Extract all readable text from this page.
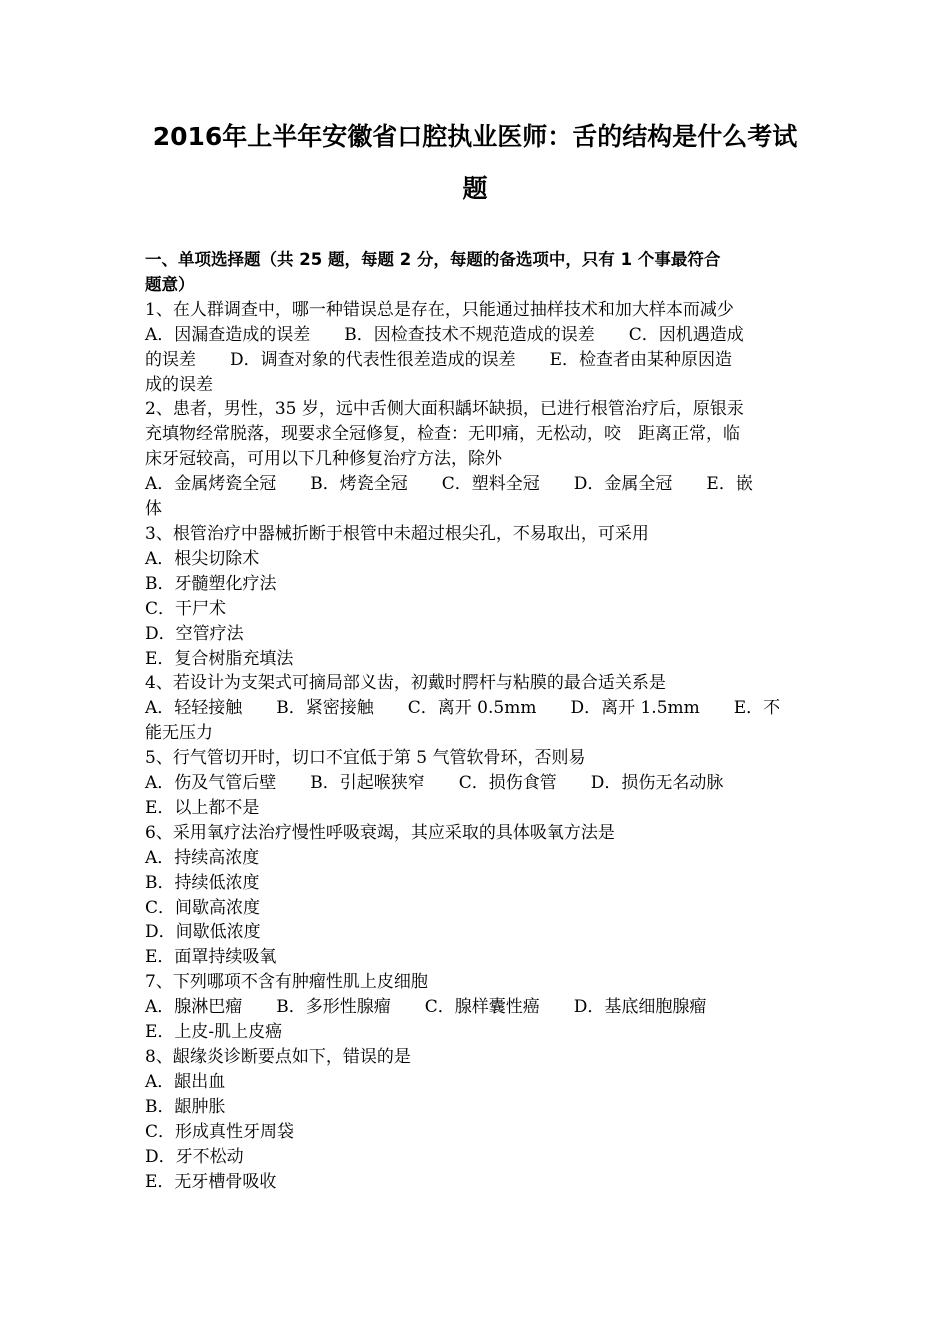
2016年上半年安徽省口腔执业医师：舌的结构是什么考试
题
一、单项选择题（共 25 题，每题 2 分，每题的备选项中，只有 1 个事最符合
题意）
1、在人群调查中，哪一种错误总是存在，只能通过抽样技术和加大样本而减少
A．因漏查造成的误差　　B．因检查技术不规范造成的误差　　C．因机遇造成
的误差　　D．调查对象的代表性很差造成的误差　　E．检查者由某种原因造
成的误差
2、患者，男性，35 岁，远中舌侧大面积龋坏缺损，已进行根管治疗后，原银汞
充填物经常脱落，现要求全冠修复，检查：无叩痛，无松动，咬　距离正常，临
床牙冠较高，可用以下几种修复治疗方法，除外
A．金属烤瓷全冠　　B．烤瓷全冠　　C．塑料全冠　　D．金属全冠　　E．嵌
体
3、根管治疗中器械折断于根管中未超过根尖孔，不易取出，可采用
A．根尖切除术
B．牙髓塑化疗法
C．干尸术
D．空管疗法
E．复合树脂充填法
4、若设计为支架式可摘局部义齿，初戴时腭杆与粘膜的最合适关系是
A．轻轻接触　　B．紧密接触　　C．离开 0.5mm　　D．离开 1.5mm　　E．不
能无压力
5、行气管切开时，切口不宜低于第 5 气管软骨环，否则易
A．伤及气管后壁　　B．引起喉狭窄　　C．损伤食管　　D．损伤无名动脉
E．以上都不是
6、采用氧疗法治疗慢性呼吸衰竭，其应采取的具体吸氧方法是
A．持续高浓度
B．持续低浓度
C．间歇高浓度
D．间歇低浓度
E．面罩持续吸氧
7、下列哪项不含有肿瘤性肌上皮细胞
A．腺淋巴瘤　　B．多形性腺瘤　　C．腺样囊性癌　　D．基底细胞腺瘤
E．上皮-肌上皮癌
8、龈缘炎诊断要点如下，错误的是
A．龈出血
B．龈肿胀
C．形成真性牙周袋
D．牙不松动
E．无牙槽骨吸收
